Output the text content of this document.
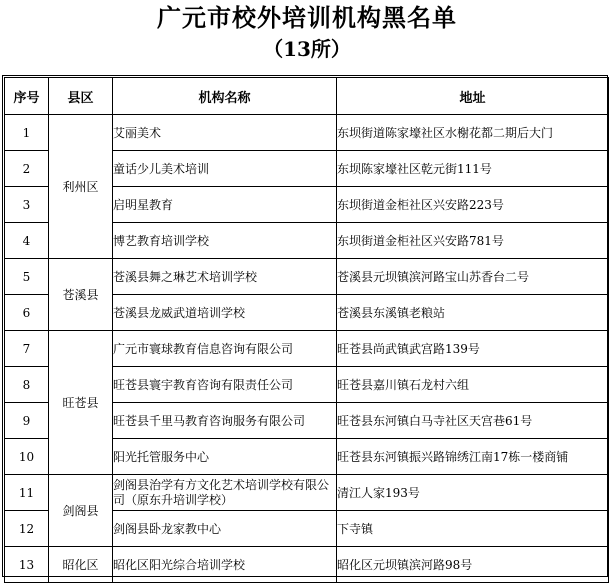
广元市校外培训机构黑名单
（13所）
序号	县区	机构名称	地址
1	利州区	艾丽美术	东坝街道陈家壕社区水榭花都二期后大门
2		童话少儿美术培训	东坝陈家壕社区乾元街111号
3		启明星教育	东坝街道金柜社区兴安路223号
4		博艺教育培训学校	东坝街道金柜社区兴安路781号
5	苍溪县	苍溪县舞之琳艺术培训学校	苍溪县元坝镇滨河路宝山苏香台二号
6		苍溪县龙威武道培训学校	苍溪县东溪镇老粮站
7	旺苍县	广元市寰球教育信息咨询有限公司	旺苍县尚武镇武宫路139号
8		旺苍县寰宇教育咨询有限责任公司	旺苍县嘉川镇石龙村六组
9		旺苍县千里马教育咨询服务有限公司	旺苍县东河镇白马寺社区天宫巷61号
10		阳光托管服务中心	旺苍县东河镇振兴路锦绣江南17栋一楼商铺
11	剑阁县	剑阁县治学有方文化艺术培训学校有限公司（原东升培训学校）	清江人家193号
12		剑阁县卧龙家教中心	下寺镇
13	昭化区	昭化区阳光综合培训学校	昭化区元坝镇滨河路98号
